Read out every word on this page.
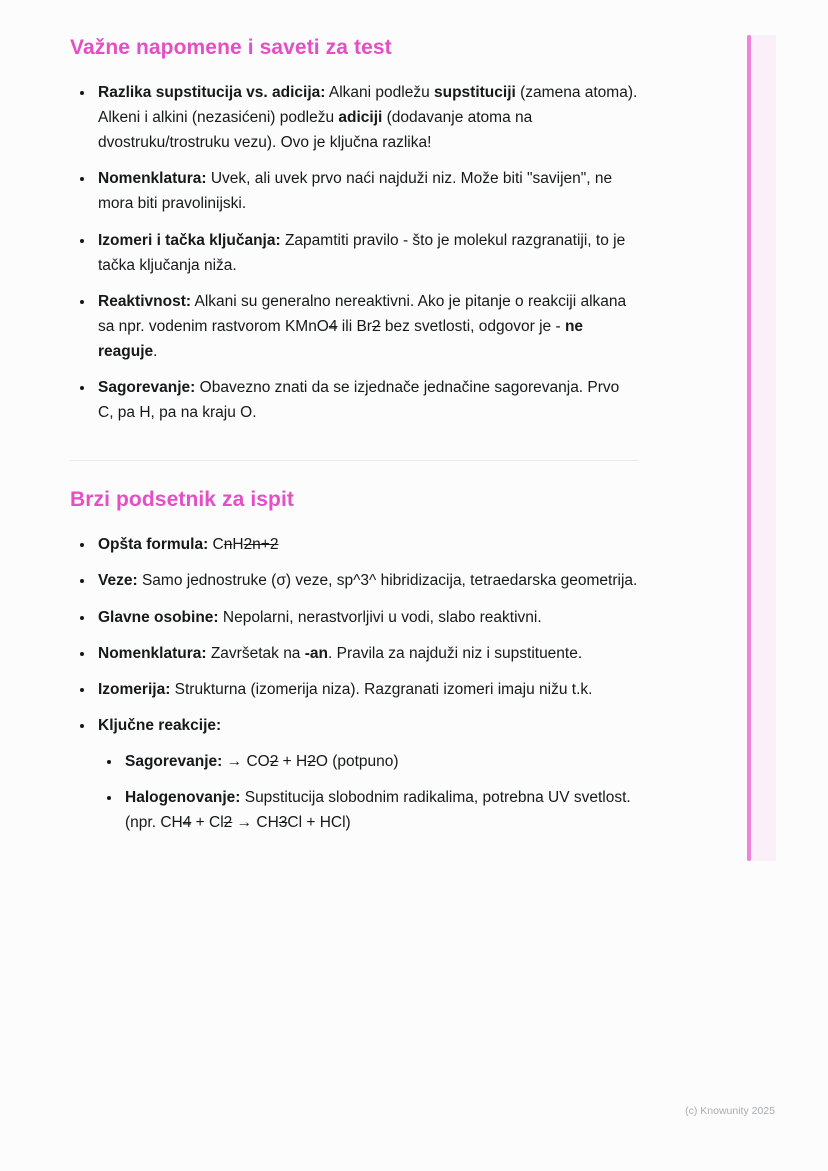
Važne napomene i saveti za test
• Razlika supstitucija vs. adicija: Alkani podležu supstituciji (zamena atoma). Alkeni i alkini (nezasićeni) podležu adiciji (dodavanje atoma na dvostruku/trostruku vezu). Ovo je ključna razlika!
• Nomenklatura: Uvek, ali uvek prvo naći najduži niz. Može biti "savijen", ne mora biti pravolinijski.
• Izomeri i tačka ključanja: Zapamtiti pravilo - što je molekul razgranatiji, to je tačka ključanja niža.
• Reaktivnost: Alkani su generalno nereaktivni. Ako je pitanje o reakciji alkana sa npr. vodenim rastvorom KMnO4 ili Br2 bez svetlosti, odgovor je - ne reaguje.
• Sagorevanje: Obavezno znati da se izjednače jednačine sagorevanja. Prvo C, pa H, pa na kraju O.
Brzi podsetnik za ispit
• Opšta formula: CnH2n+2
• Veze: Samo jednostruke (σ) veze, sp^3^ hibridizacija, tetraedarska geometrija.
• Glavne osobine: Nepolarni, nerastvorljivi u vodi, slabo reaktivni.
• Nomenklatura: Završetak na -an. Pravila za najduži niz i supstituente.
• Izomerija: Strukturna (izomerija niza). Razgranati izomeri imaju nižu t.k.
• Ključne reakcije:
• Sagorevanje: → CO2 + H2O (potpuno)
• Halogenovanje: Supstitucija slobodnim radikalima, potrebna UV svetlost. (npr. CH4 + Cl2 → CH3Cl + HCl)
(c) Knowunity 2025
